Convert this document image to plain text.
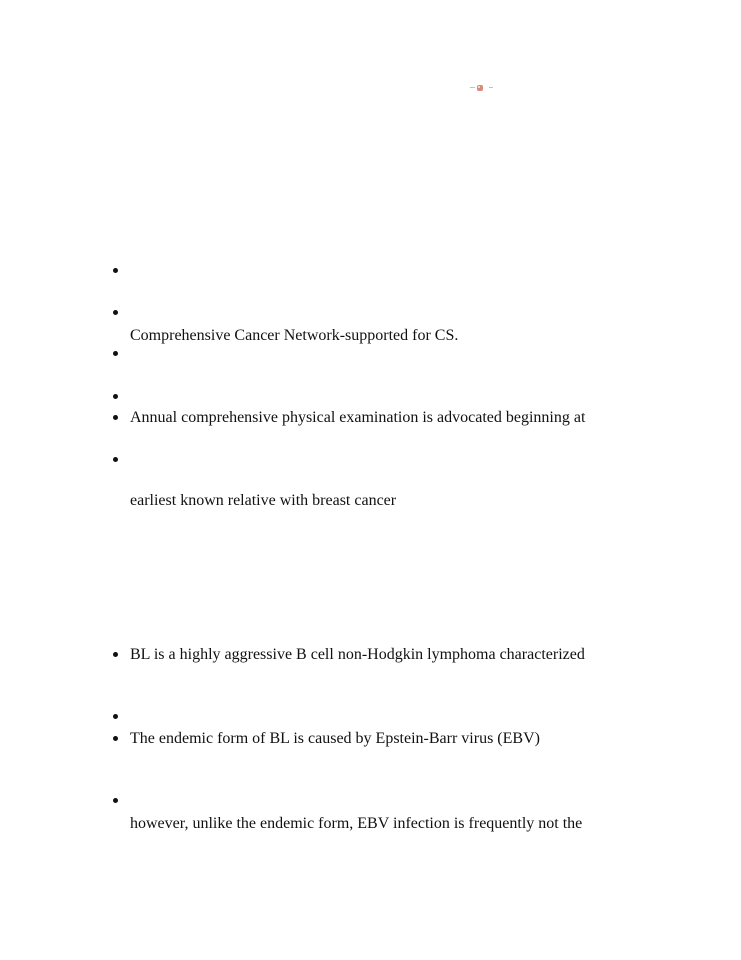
Comprehensive Cancer Network-supported for CS.
Annual comprehensive physical examination is advocated beginning at
earliest known relative with breast cancer
BL is a highly aggressive B cell non-Hodgkin lymphoma characterized
The endemic form of BL is caused by Epstein-Barr virus (EBV)
however, unlike the endemic form, EBV infection is frequently not the
